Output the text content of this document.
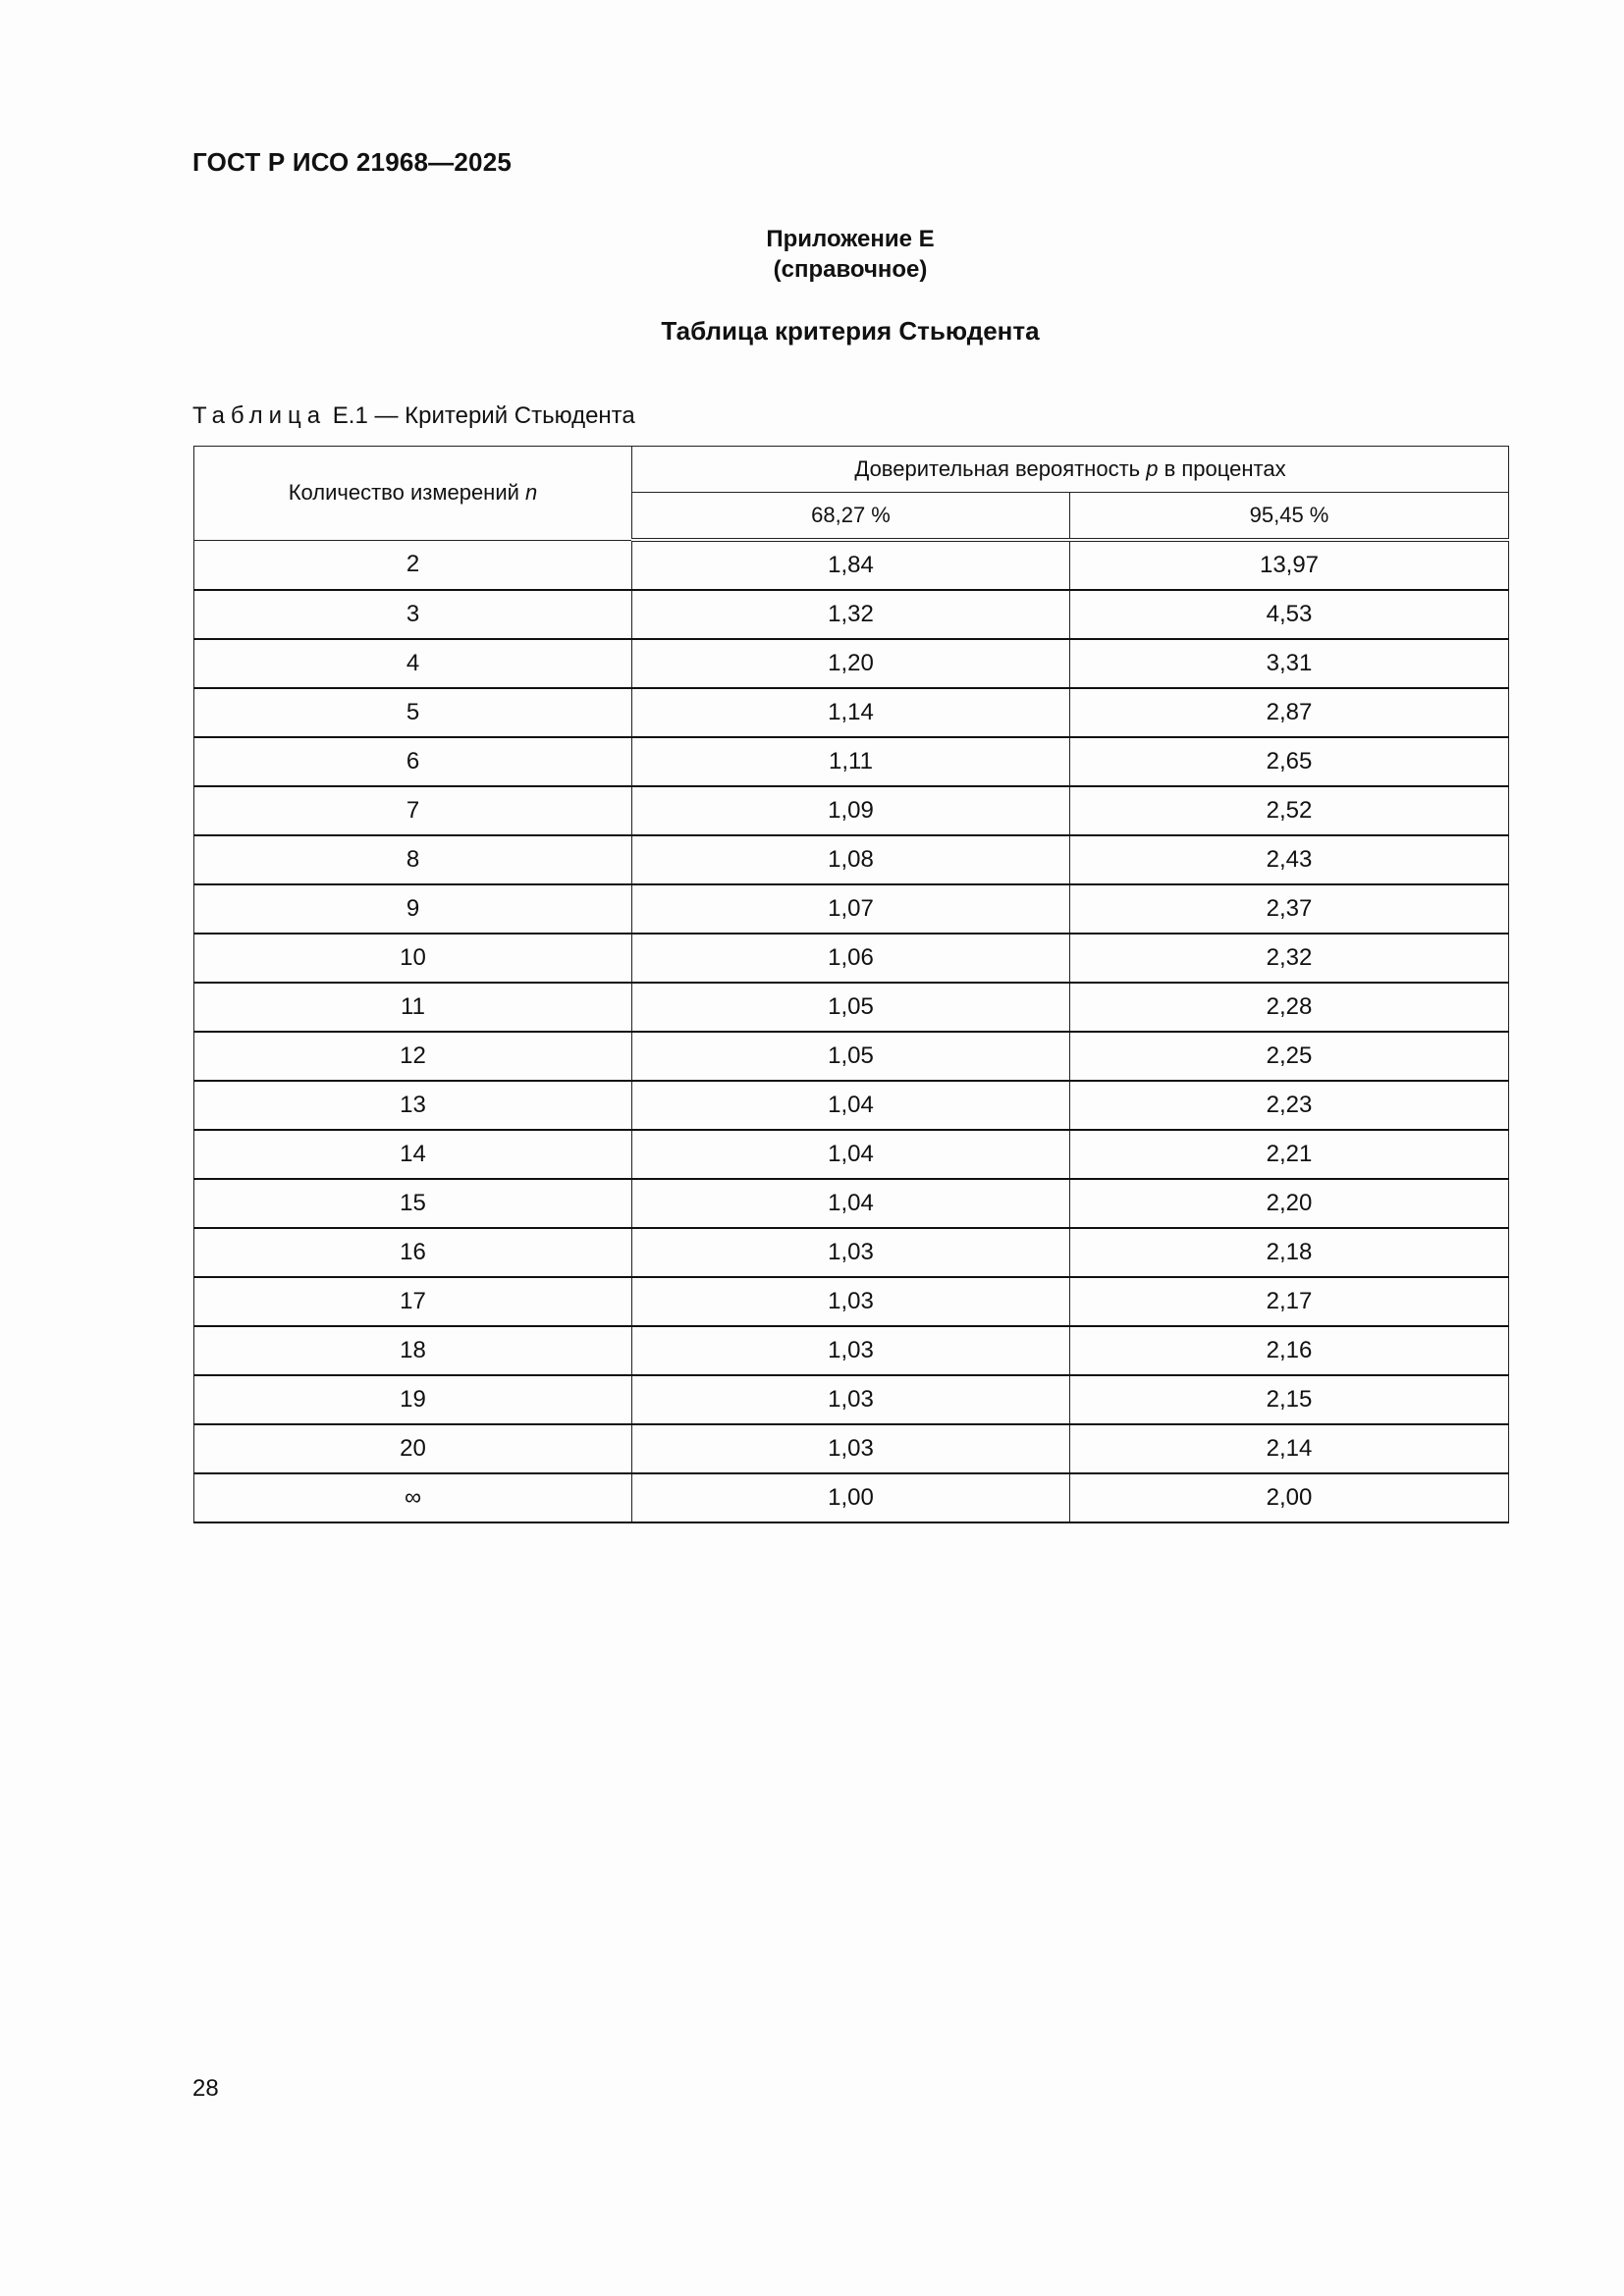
ГОСТ Р ИСО 21968—2025
Приложение Е
(справочное)
Таблица критерия Стьюдента
Таблица Е.1 — Критерий Стьюдента
Количество измерений n	Доверительная вероятность p в процентах	
	68,27 %	95,45 %
2	1,84	13,97
3	1,32	4,53
4	1,20	3,31
5	1,14	2,87
6	1,11	2,65
7	1,09	2,52
8	1,08	2,43
9	1,07	2,37
10	1,06	2,32
11	1,05	2,28
12	1,05	2,25
13	1,04	2,23
14	1,04	2,21
15	1,04	2,20
16	1,03	2,18
17	1,03	2,17
18	1,03	2,16
19	1,03	2,15
20	1,03	2,14
∞	1,00	2,00
28
